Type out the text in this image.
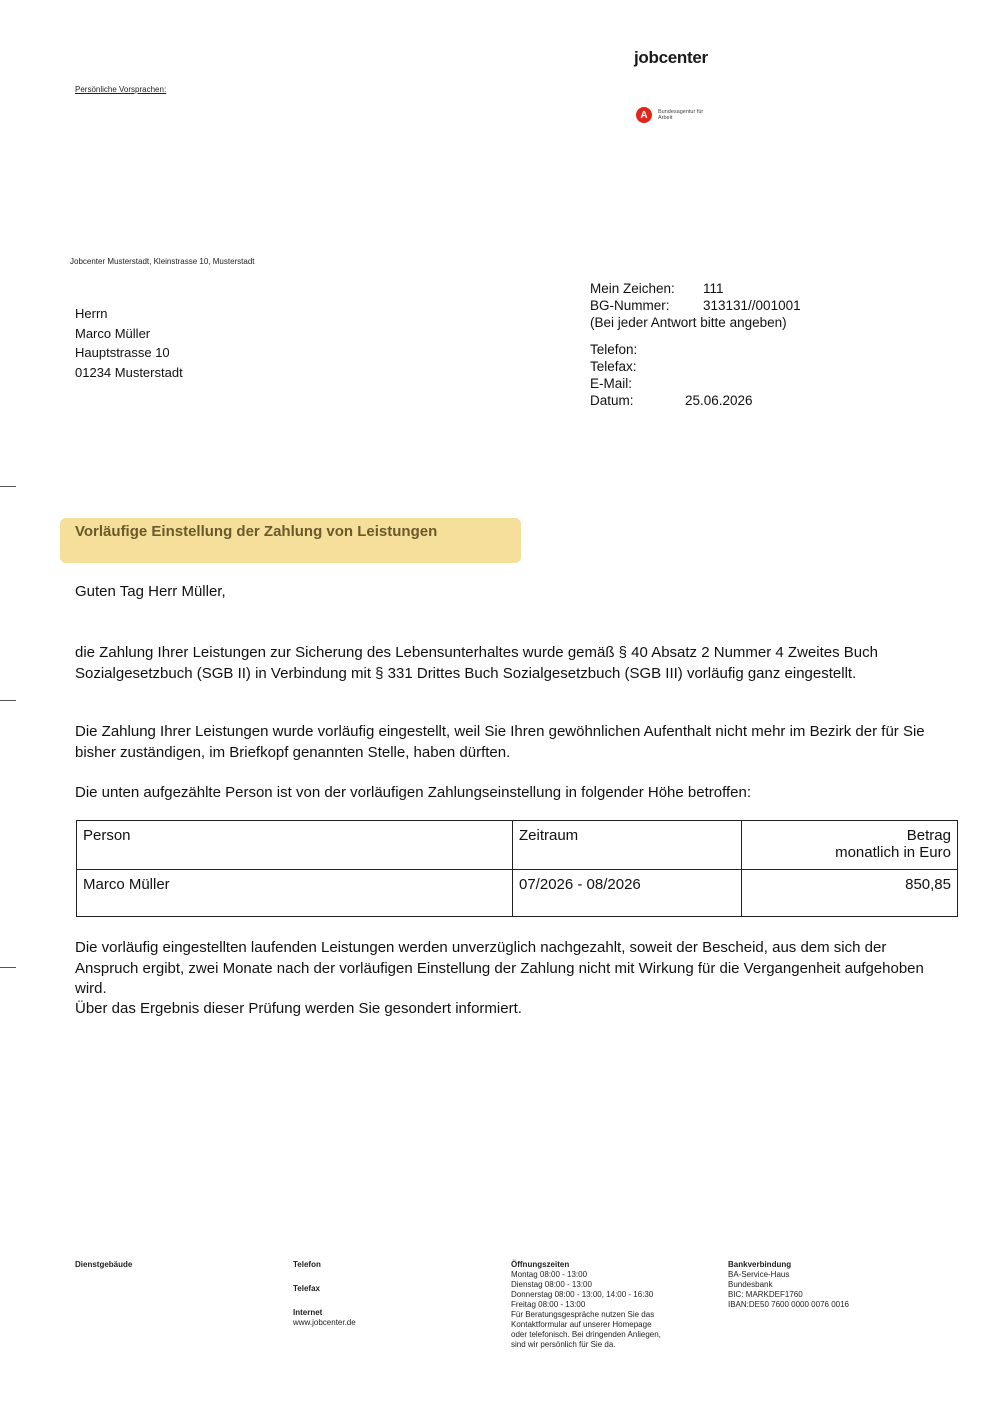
jobcenter
A	Bundesagentur für Arbeit
Persönliche Vorsprachen:
Jobcenter Musterstadt, Kleinstrasse 10, Musterstadt
Herrn
Marco Müller
Hauptstrasse 10
01234 Musterstadt
Mein Zeichen: 111
BG-Nummer: 313131//001001
(Bei jeder Antwort bitte angeben)
Telefon:
Telefax:
E-Mail:
Datum:	25.06.2026
Vorläufige Einstellung der Zahlung von Leistungen
Guten Tag Herr Müller,
die Zahlung Ihrer Leistungen zur Sicherung des Lebensunterhaltes wurde gemäß § 40 Absatz 2 Nummer 4 Zweites Buch Sozialgesetzbuch (SGB II) in Verbindung mit § 331 Drittes Buch Sozialgesetzbuch (SGB III) vorläufig ganz eingestellt.
Die Zahlung Ihrer Leistungen wurde vorläufig eingestellt, weil Sie Ihren gewöhnlichen Aufenthalt nicht mehr im Bezirk der für Sie bisher zuständigen, im Briefkopf genannten Stelle, haben dürften.
Die unten aufgezählte Person ist von der vorläufigen Zahlungseinstellung in folgender Höhe betroffen:
Person	Zeitraum	Betrag
monatlich in Euro

Marco Müller	07/2026 - 08/2026	850,85
Die vorläufig eingestellten laufenden Leistungen werden unverzüglich nachgezahlt, soweit der Bescheid, aus dem sich der Anspruch ergibt, zwei Monate nach der vorläufigen Einstellung der Zahlung nicht mit Wirkung für die Vergangenheit aufgehoben wird.
Über das Ergebnis dieser Prüfung werden Sie gesondert informiert.
Dienstgebäude	Telefon
Telefax
Internet
www.jobcenter.de
Öffnungszeiten
Montag 08:00 - 13:00
Dienstag 08:00 - 13:00
Donnerstag 08:00 - 13:00, 14:00 - 16:30
Freitag 08:00 - 13:00
Für Beratungsgespräche nutzen Sie das
Kontaktformular auf unserer Homepage
oder telefonisch. Bei dringenden Anliegen,
sind wir persönlich für Sie da.
Bankverbindung
BA-Service-Haus
Bundesbank
BIC: MARKDEF1760
IBAN:DE50 7600 0000 0076 0016
